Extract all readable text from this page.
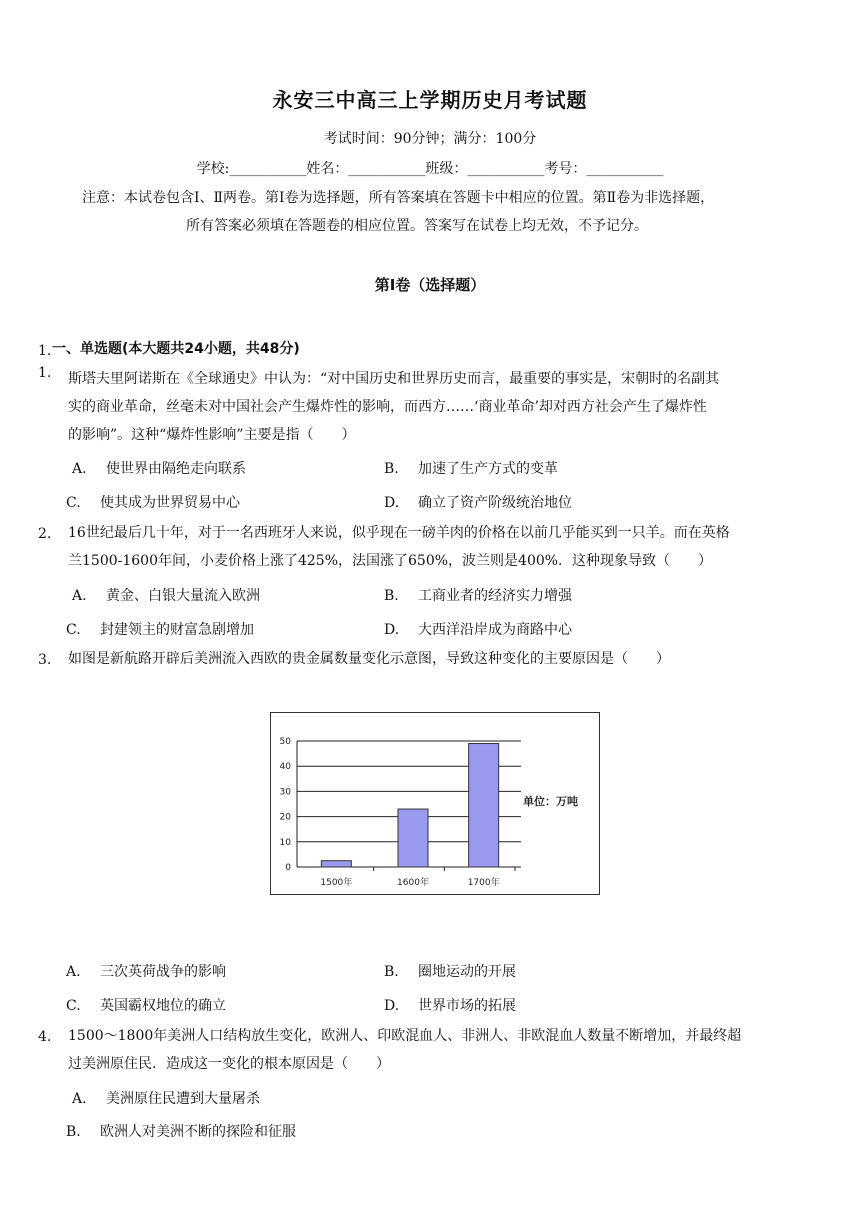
永安三中高三上学期历史月考试题
考试时间：90分钟；满分：100分
学校:___________姓名：___________班级：___________考号：___________
注意：本试卷包含Ⅰ、Ⅱ两卷。第Ⅰ卷为选择题，所有答案填在答题卡中相应的位置。第Ⅱ卷为非选择题，
所有答案必须填在答题卷的相应位置。答案写在试卷上均无效，不予记分。
第Ⅰ卷（选择题）
一、单选题(本大题共24小题，共48分)
1.
斯塔夫里阿诺斯在《全球通史》中认为：“对中国历史和世界历史而言，最重要的事实是，宋朝时的名副其
实的商业革命，丝毫未对中国社会产生爆炸性的影响，而西方……‘商业革命’却对西方社会产生了爆炸性
的影响”。这种“爆炸性影响”主要是指（　　）
1.
A. 使世界由隔绝走向联系	B. 加速了生产方式的变革
C. 使其成为世界贸易中心	D. 确立了资产阶级统治地位
2. 16世纪最后几十年，对于一名西班牙人来说，似乎现在一磅羊肉的价格在以前几乎能买到一只羊。而在英格
兰1500-1600年间，小麦价格上涨了425%，法国涨了650%，波兰则是400%．这种现象导致（　　）
A. 黄金、白银大量流入欧洲	B. 工商业者的经济实力增强
C. 封建领主的财富急剧增加	D. 大西洋沿岸成为商路中心
3. 如图是新航路开辟后美洲流入西欧的贵金属数量变化示意图，导致这种变化的主要原因是（　　）
0
10
20
30
40
50
1500年	1600年	1700年
单位：万吨
A. 三次英荷战争的影响	B. 圈地运动的开展
C. 英国霸权地位的确立	D. 世界市场的拓展
4. 1500～1800年美洲人口结构放生变化，欧洲人、印欧混血人、非洲人、非欧混血人数量不断增加，并最终超
过美洲原住民．造成这一变化的根本原因是（　　）
A. 美洲原住民遭到大量屠杀
B. 欧洲人对美洲不断的探险和征服
